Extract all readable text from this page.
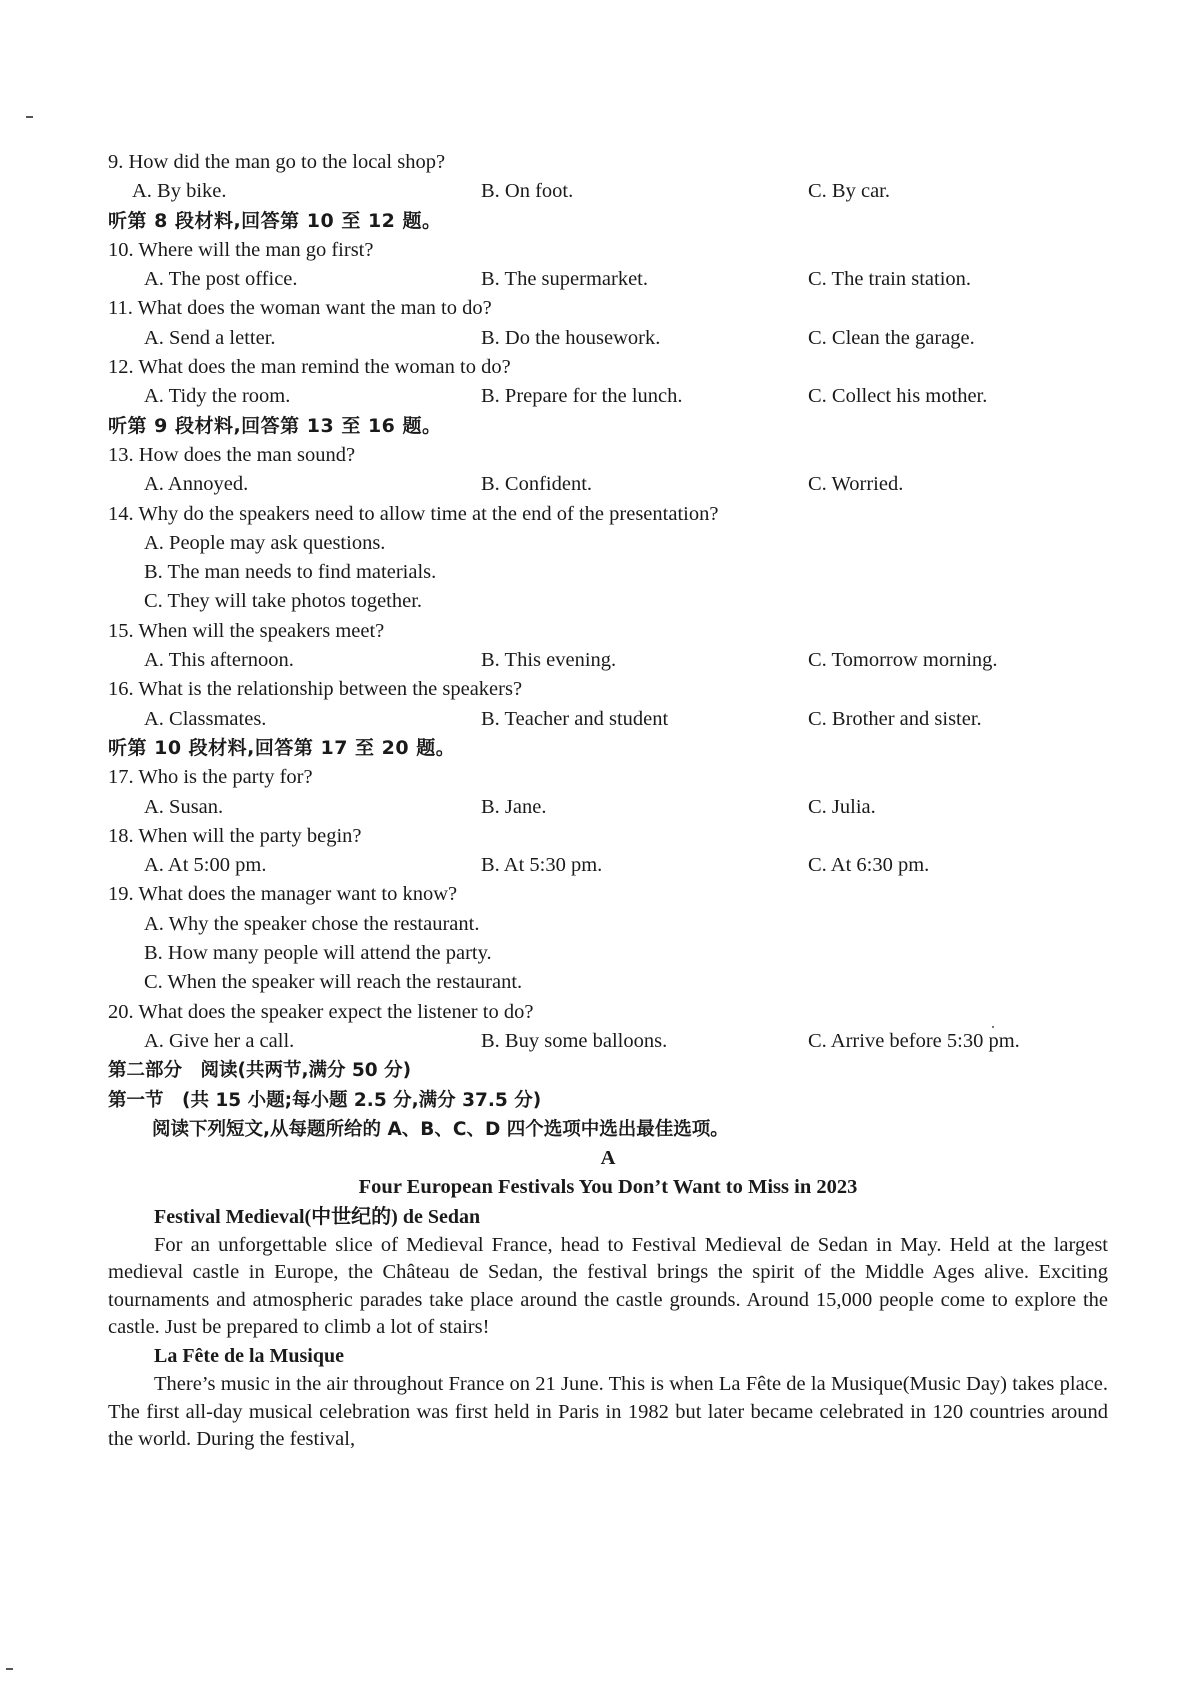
9. How did the man go to the local shop?
A. By bike.	B. On foot.	C. By car.
听第 8 段材料,回答第 10 至 12 题。
10. Where will the man go first?
A. The post office.	B. The supermarket.	C. The train station.
11. What does the woman want the man to do?
A. Send a letter.	B. Do the housework.	C. Clean the garage.
12. What does the man remind the woman to do?
A. Tidy the room.	B. Prepare for the lunch.	C. Collect his mother.
听第 9 段材料,回答第 13 至 16 题。
13. How does the man sound?
A. Annoyed.	B. Confident.	C. Worried.
14. Why do the speakers need to allow time at the end of the presentation?
A. People may ask questions.
B. The man needs to find materials.
C. They will take photos together.
15. When will the speakers meet?
A. This afternoon.	B. This evening.	C. Tomorrow morning.
16. What is the relationship between the speakers?
A. Classmates.	B. Teacher and student	C. Brother and sister.
听第 10 段材料,回答第 17 至 20 题。
17. Who is the party for?
A. Susan.	B. Jane.	C. Julia.
18. When will the party begin?
A. At 5:00 pm.	B. At 5:30 pm.	C. At 6:30 pm.
19. What does the manager want to know?
A. Why the speaker chose the restaurant.
B. How many people will attend the party.
C. When the speaker will reach the restaurant.
20. What does the speaker expect the listener to do?
A. Give her a call.	B. Buy some balloons.	C. Arrive before 5:30 pm.
第二部分　阅读(共两节,满分 50 分)
第一节　(共 15 小题;每小题 2.5 分,满分 37.5 分)
阅读下列短文,从每题所给的 A、B、C、D 四个选项中选出最佳选项。
A
Four European Festivals You Don’t Want to Miss in 2023
Festival Medieval(中世纪的) de Sedan
For an unforgettable slice of Medieval France, head to Festival Medieval de Sedan in May. Held at the largest medieval castle in Europe, the Château de Sedan, the festival brings the spirit of the Middle Ages alive. Exciting tournaments and atmospheric parades take place around the castle grounds. Around 15,000 people come to explore the castle. Just be prepared to climb a lot of stairs!
La Fête de la Musique
There’s music in the air throughout France on 21 June. This is when La Fête de la Musique(Music Day) takes place. The first all-day musical celebration was first held in Paris in 1982 but later became celebrated in 120 countries around the world. During the festival,
